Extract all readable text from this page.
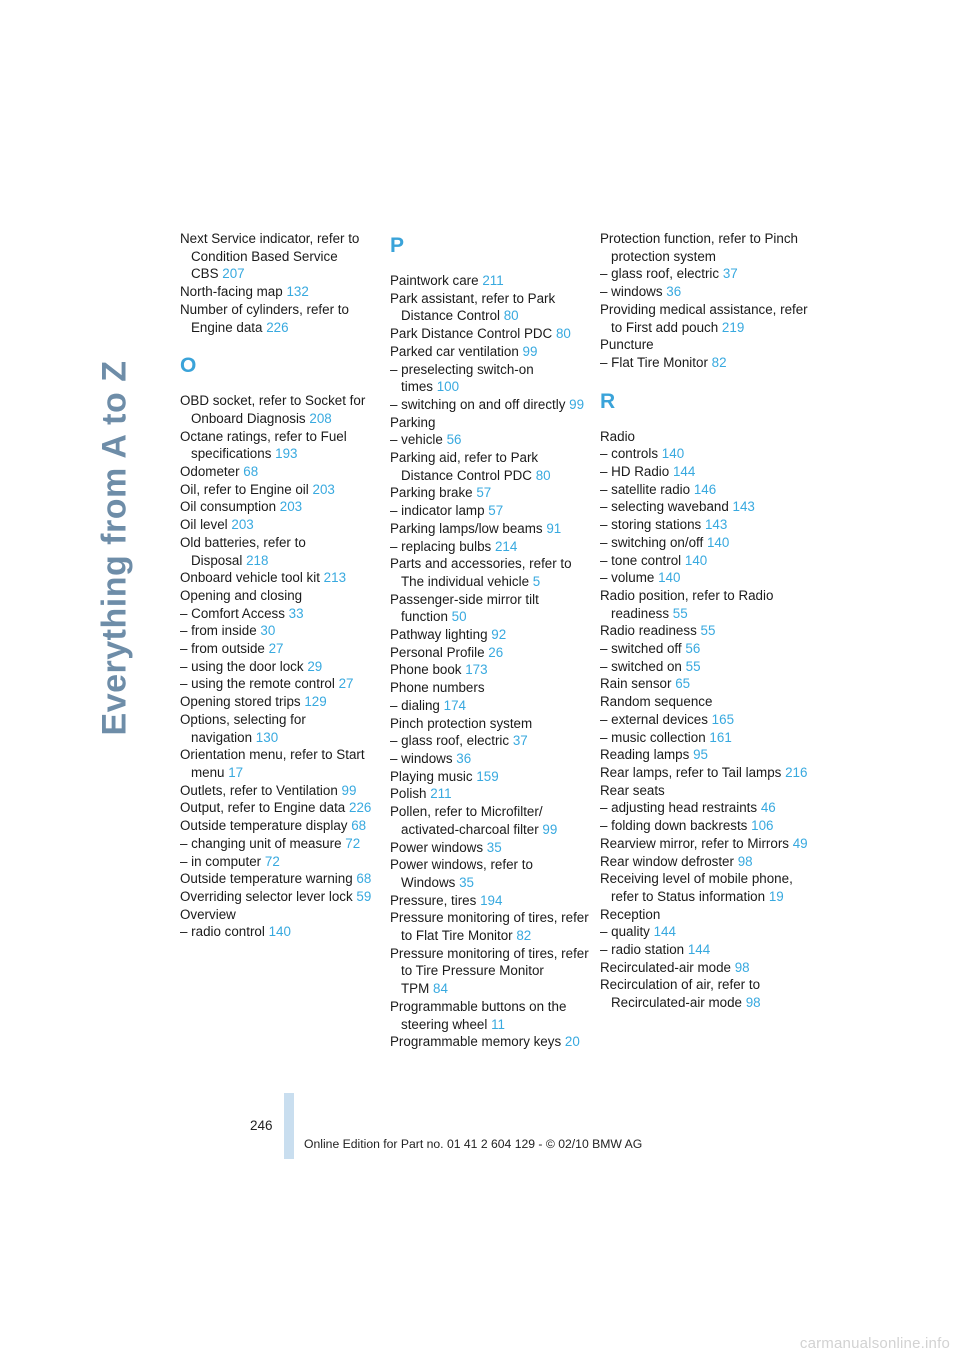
Everything from A to Z

Next Service indicator, refer to Condition Based Service CBS 207

North-facing map 132

Number of cylinders, refer to Engine data 226

O

OBD socket, refer to Socket for Onboard Diagnosis 208

Octane ratings, refer to Fuel specifications 193

Odometer 68

Oil, refer to Engine oil 203

Oil consumption 203

Oil level 203

Old batteries, refer to Disposal 218

Onboard vehicle tool kit 213

Opening and closing

– Comfort Access 33

– from inside 30

– from outside 27

– using the door lock 29

– using the remote control 27

Opening stored trips 129

Options, selecting for navigation 130

Orientation menu, refer to Start menu 17

Outlets, refer to Ventilation 99

Output, refer to Engine data 226

Outside temperature display 68

– changing unit of measure 72

– in computer 72

Outside temperature warning 68

Overriding selector lever lock 59

Overview

– radio control 140

P

Paintwork care 211

Park assistant, refer to Park Distance Control 80

Park Distance Control PDC 80

Parked car ventilation 99

– preselecting switch-on times 100

– switching on and off directly 99

Parking

– vehicle 56

Parking aid, refer to Park Distance Control PDC 80

Parking brake 57

– indicator lamp 57

Parking lamps/low beams 91

– replacing bulbs 214

Parts and accessories, refer to The individual vehicle 5

Passenger-side mirror tilt function 50

Pathway lighting 92

Personal Profile 26

Phone book 173

Phone numbers

– dialing 174

Pinch protection system

– glass roof, electric 37

– windows 36

Playing music 159

Polish 211

Pollen, refer to Microfilter/ activated-charcoal filter 99

Power windows 35

Power windows, refer to Windows 35

Pressure, tires 194

Pressure monitoring of tires, refer to Flat Tire Monitor 82

Pressure monitoring of tires, refer to Tire Pressure Monitor TPM 84

Programmable buttons on the steering wheel 11

Programmable memory keys 20

Protection function, refer to Pinch protection system

– glass roof, electric 37

– windows 36

Providing medical assistance, refer to First add pouch 219

Puncture

– Flat Tire Monitor 82

R

Radio

– controls 140

– HD Radio 144

– satellite radio 146

– selecting waveband 143

– storing stations 143

– switching on/off 140

– tone control 140

– volume 140

Radio position, refer to Radio readiness 55

Radio readiness 55

– switched off 56

– switched on 55

Rain sensor 65

Random sequence

– external devices 165

– music collection 161

Reading lamps 95

Rear lamps, refer to Tail lamps 216

Rear seats

– adjusting head restraints 46

– folding down backrests 106

Rearview mirror, refer to Mirrors 49

Rear window defroster 98

Receiving level of mobile phone, refer to Status information 19

Reception

– quality 144

– radio station 144

Recirculated-air mode 98

Recirculation of air, refer to Recirculated-air mode 98

246
Online Edition for Part no. 01 41 2 604 129 - © 02/10 BMW AG
carmanualsonline.info
